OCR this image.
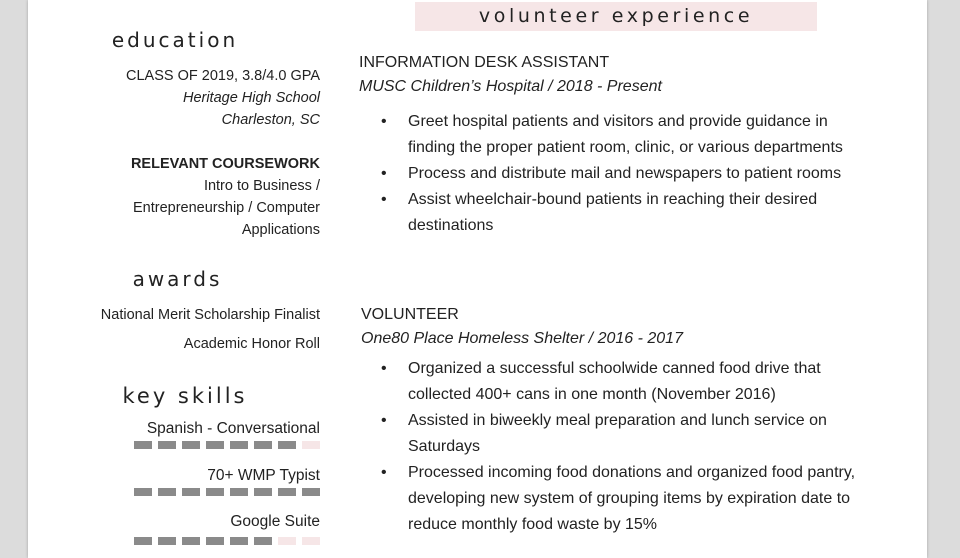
education
CLASS OF 2019, 3.8/4.0 GPA
Heritage High School
Charleston, SC
RELEVANT COURSEWORK
Intro to Business /
Entrepreneurship / Computer
Applications
awards
National Merit Scholarship Finalist
Academic Honor Roll
key skills
Spanish - Conversational
70+ WMP Typist
Google Suite
volunteer experience
INFORMATION DESK ASSISTANT
MUSC Children’s Hospital / 2018 - Present
• Greet hospital patients and visitors and provide guidance in finding the proper patient room, clinic, or various departments
• Process and distribute mail and newspapers to patient rooms
• Assist wheelchair-bound patients in reaching their desired destinations
VOLUNTEER
One80 Place Homeless Shelter / 2016 - 2017
• Organized a successful schoolwide canned food drive that collected 400+ cans in one month (November 2016)
• Assisted in biweekly meal preparation and lunch service on Saturdays
• Processed incoming food donations and organized food pantry, developing new system of grouping items by expiration date to reduce monthly food waste by 15%
